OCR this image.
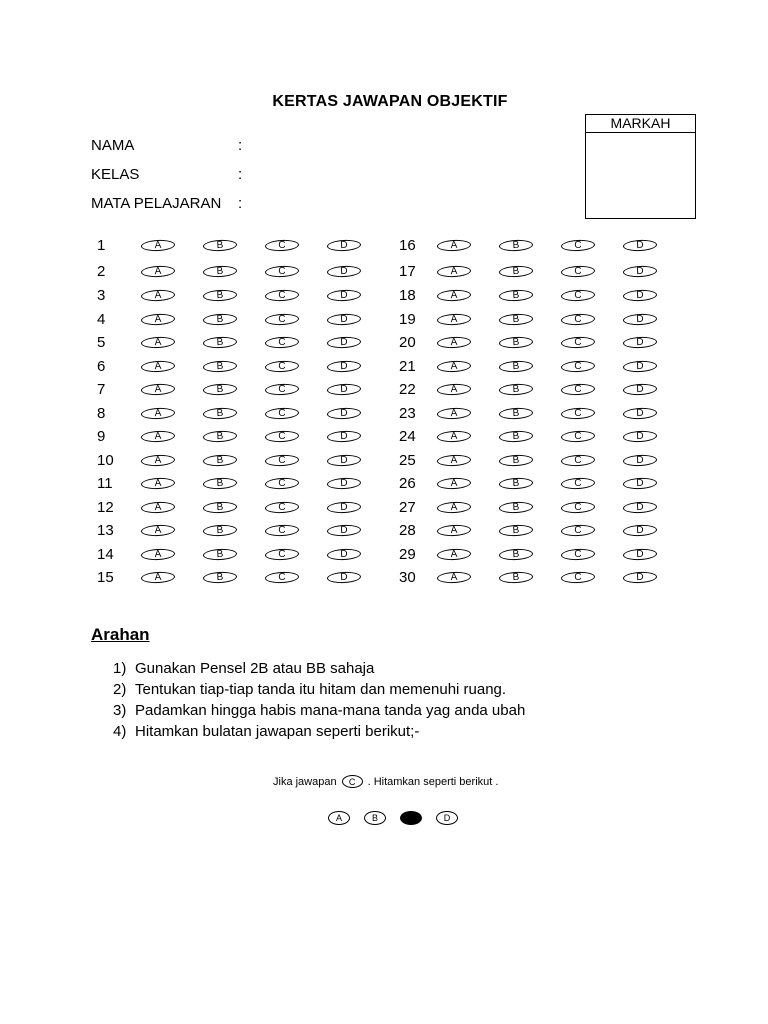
KERTAS JAWAPAN OBJEKTIF
NAMA	:
KELAS	:
MATA PELAJARAN :
MARKAH
1	A	B	C	D
2	A	B	C	D
3	A	B	C	D
4	A	B	C	D
5	A	B	C	D
6	A	B	C	D
7	A	B	C	D
8	A	B	C	D
9	A	B	C	D
10	A	B	C	D
11	A	B	C	D
12	A	B	C	D
13	A	B	C	D
14	A	B	C	D
15	A	B	C	D
16	A	B	C	D
17	A	B	C	D
18	A	B	C	D
19	A	B	C	D
20	A	B	C	D
21	A	B	C	D
22	A	B	C	D
23	A	B	C	D
24	A	B	C	D
25	A	B	C	D
26	A	B	C	D
27	A	B	C	D
28	A	B	C	D
29	A	B	C	D
30	A	B	C	D
Arahan
1) Gunakan Pensel 2B atau BB sahaja
2) Tentukan tiap-tiap tanda itu hitam dan memenuhi ruang.
3) Padamkan hingga habis mana-mana tanda yag anda ubah
4) Hitamkan bulatan jawapan seperti berikut;-
Jika jawapan C . Hitamkan seperti berikut .
A	B	C	D
